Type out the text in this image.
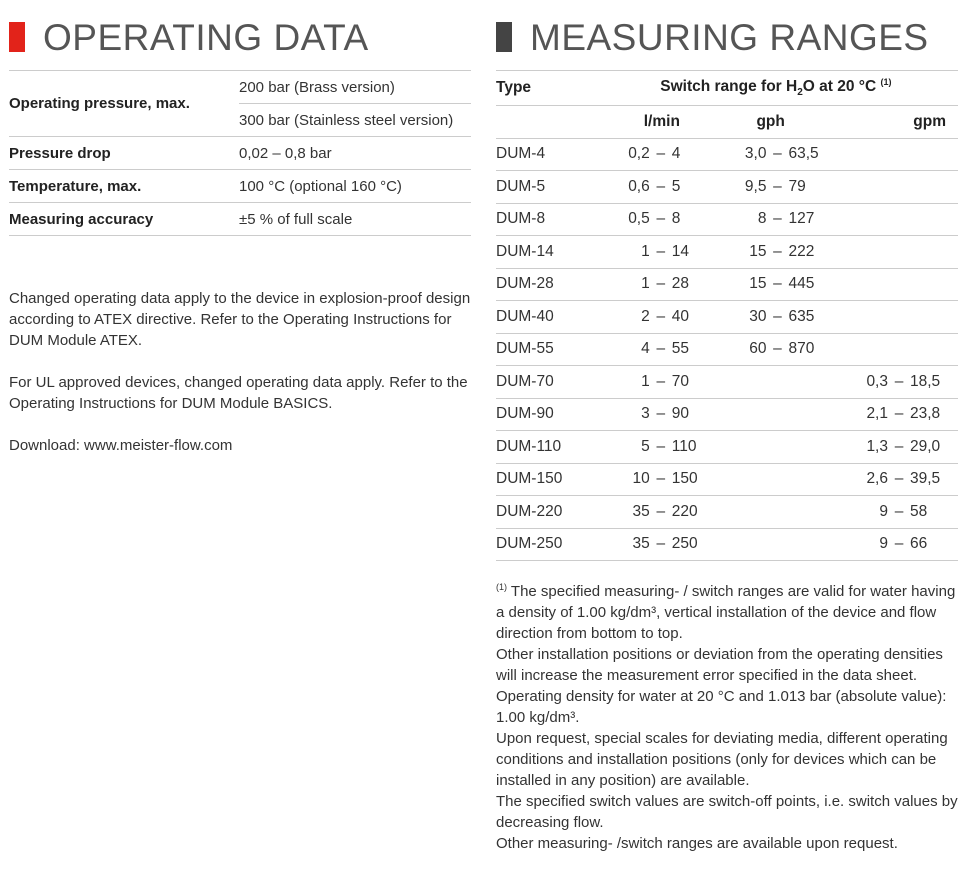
OPERATING DATA
Operating pressure, max.	200 bar (Brass version)
	300 bar (Stainless steel version)
Pressure drop	0,02 – 0,8 bar
Temperature, max.	100 °C (optional 160 °C)
Measuring accuracy	±5 % of full scale

Changed operating data apply to the device in explosion-proof design according to ATEX directive. Refer to the Operating Instructions for DUM Module ATEX.

For UL approved devices, changed operating data apply. Refer to the Operating Instructions for DUM Module BASICS.

Download: www.meister-flow.com

MEASURING RANGES
Type	Switch range for $H_2O$ at 20 °C $^{(1)}$
	l/min	gph	gpm
DUM-4	0,2 – 4	3,0 – 63,5	

DUM-5	0,6 – 5	9,5 – 79	

DUM-8	0,5 – 8	8 – 127	

DUM-14	1 – 14	15 – 222	

DUM-28	1 – 28	15 – 445	

DUM-40	2 – 40	30 – 635	

DUM-55	4 – 55	60 – 870	

DUM-70	1 – 70		0,3 – 18,5

DUM-90	3 – 90		2,1 – 23,8

DUM-110	5 – 110		1,3 – 29,0

DUM-150	10 – 150		2,6 – 39,5

DUM-220	35 – 220		9 – 58

DUM-250	35 – 250		9 – 66

$^{(1)}$ The specified measuring- / switch ranges are valid for water having a density of 1.00 kg/dm³, vertical installation of the device and flow direction from bottom to top.

Other installation positions or deviation from the operating densities will increase the measurement error specified in the data sheet.

Operating density for water at 20 °C and 1.013 bar (absolute value): 1.00 kg/dm³.

Upon request, special scales for deviating media, different operating conditions and installation positions (only for devices which can be installed in any position) are available.

The specified switch values are switch-off points, i.e. switch values by decreasing flow.

Other measuring- /switch ranges are available upon request.
